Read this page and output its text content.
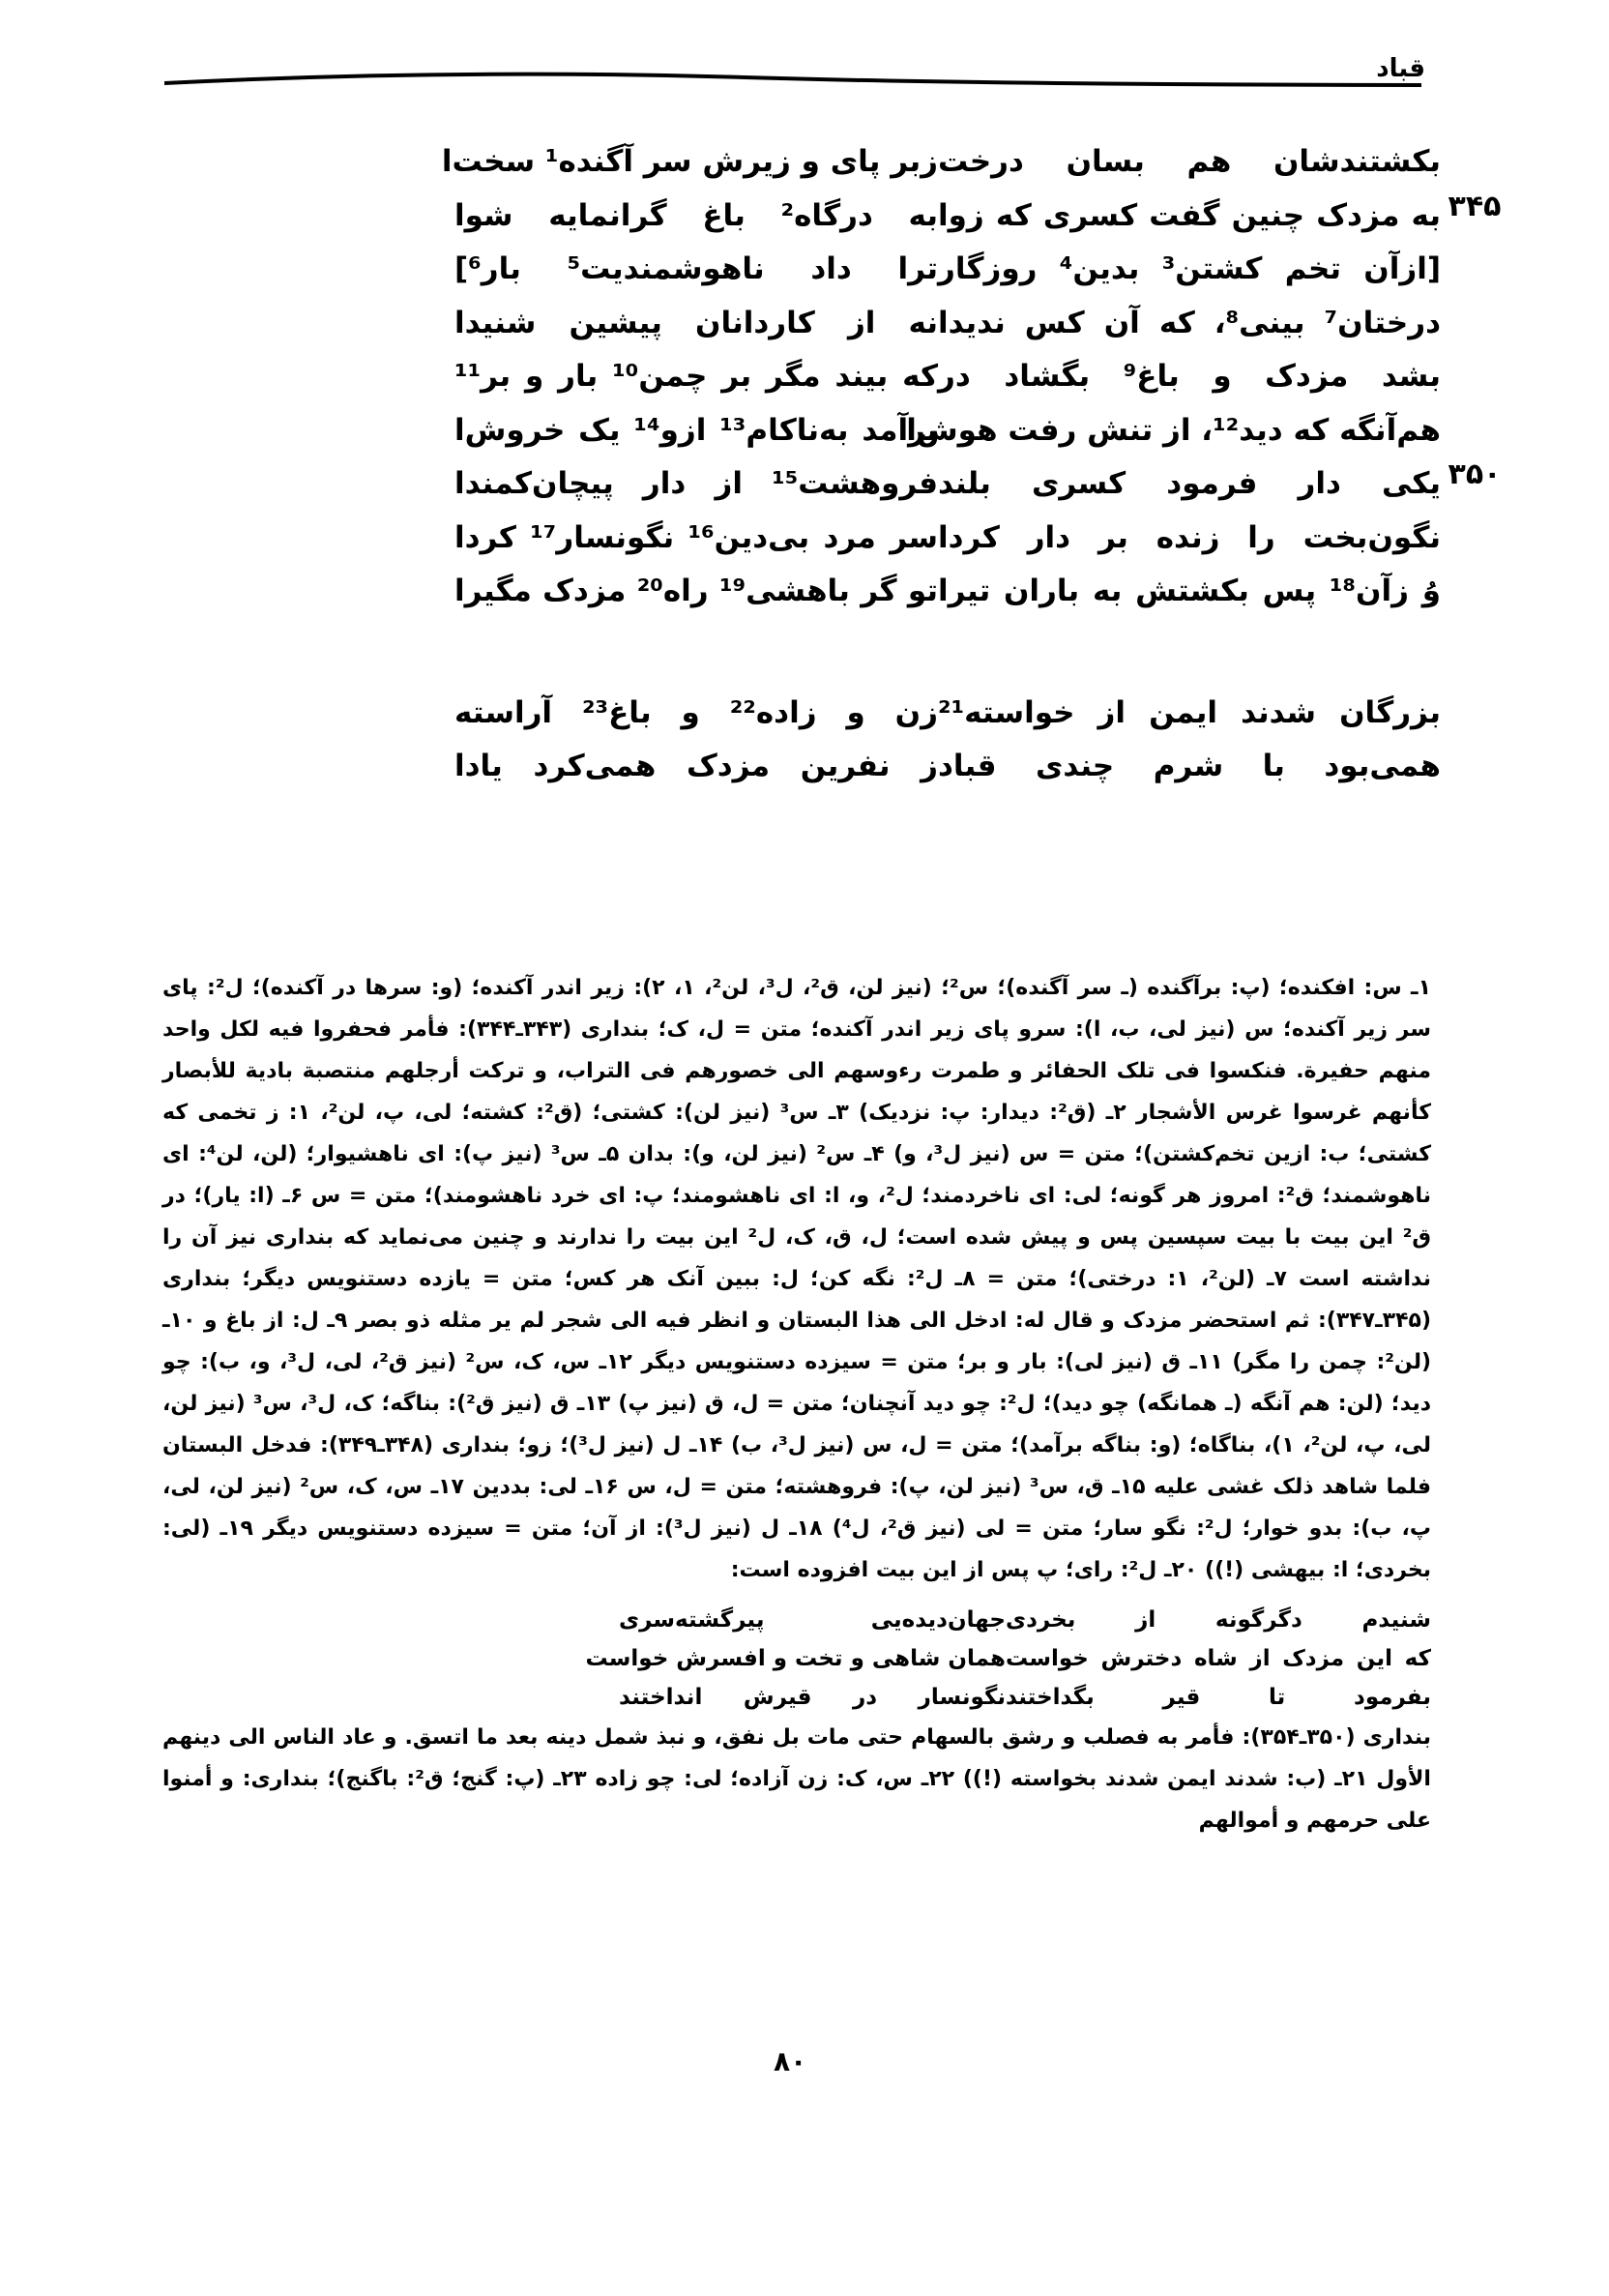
قباد
بکشتندشان هم بسان درخت
زبر پای و زیرش سر آگنده¹ سخت‌ا
۳۴۵
به مزدک چنین گفت کسری که زوا
به درگاه² باغ گرانمایه شوا
[ازآن تخم کشتن³ بدین⁴ روزگار
ترا داد ناهوشمندیت⁵ بار⁶]
درختان⁷ بینی⁸، که آن کس ندیدا
نه از کاردانان پیشین شنیدا
بشد مزدک و باغ⁹ بگشاد در
که بیند مگر بر چمن¹⁰ بار و بر¹¹
هم‌آنگه که دید¹²، از تنش رفت هوش‌ا
برآمد به‌ناکام¹³ ازو¹⁴ یک خروش‌ا
۳۵۰
یکی دار فرمود کسری بلند
فروهشت¹⁵ از دار پیچان‌کمند‌ا
نگون‌بخت را زنده بر دار کردا
سر مرد بی‌دین¹⁶ نگونسار¹⁷ کردا
وُ زآن¹⁸ پس بکشتش به باران تیرا
تو گر باهشی¹⁹ راه²⁰ مزدک مگیرا
بزرگان شدند ایمن از خواسته²¹
زن و زاده²² و باغ²³ آراسته
همی‌بود با شرم چندی قباد
ز نفرین مزدک همی‌کرد یادا

۱ـ س: افکنده؛ (پ: برآگنده (ـ سر آگنده)؛ س²؛ (نیز لن، ق²، ل³، لن²، ۱، ۲): زیر اندر آکنده؛ (و: سرها در آکنده)؛ ل²: پای سر زیر آکنده؛ س (نیز لی، ب، ا): سرو پای زیر اندر آکنده؛ متن = ل، ک؛ بنداری (۳۴۳ـ۳۴۴): فأمر فحفروا فیه لکل واحد منهم حفیرة. فنکسوا فی تلک الحفائر و طمرت رءوسهم الی خصورهم فی التراب، و ترکت أرجلهم منتصبة بادیة للأبصار کأنهم غرسوا غرس الأشجار ۲ـ (ق²: دیدار: پ: نزدیک) ۳ـ س³ (نیز لن): کشتی؛ (ق²: کشته؛ لی، پ، لن²، ۱: ز تخمی که کشتی؛ ب: ازین تخم‌کشتن)؛ متن = س (نیز ل³، و) ۴ـ س² (نیز لن، و): بدان ۵ـ س³ (نیز پ): ای ناهشیوار؛ (لن، لن⁴: ای ناهوشمند؛ ق²: امروز هر گونه؛ لی: ای ناخردمند؛ ل²، و، ا: ای ناهشومند؛ پ: ای خرد ناهشومند)؛ متن = س ۶ـ (ا: یار)؛ در ق² این بیت با بیت سپسین پس و پیش شده است؛ ل، ق، ک، ل² این بیت را ندارند و چنین می‌نماید که بنداری نیز آن را نداشته است ۷ـ (لن²، ۱: درختی)؛ متن = ۸ـ ل²: نگه کن؛ ل: ببین آنک هر کس؛ متن = یازده دستنویس دیگر؛ بنداری (۳۴۵ـ۳۴۷): ثم استحضر مزدک و قال له: ادخل الی هذا البستان و انظر فیه الی شجر لم یر مثله ذو بصر ۹ـ ل: از باغ و ۱۰ـ (لن²: چمن را مگر) ۱۱ـ ق (نیز لی): بار و بر؛ متن = سیزده دستنویس دیگر ۱۲ـ س، ک، س² (نیز ق²، لی، ل³، و، ب): چو دید؛ (لن: هم آنگه (ـ همانگه) چو دید)؛ ل²: چو دید آنچنان؛ متن = ل، ق (نیز پ) ۱۳ـ ق (نیز ق²): بناگه؛ ک، ل³، س³ (نیز لن، لی، پ، لن²، ۱)، بناگاه؛ (و: بناگه برآمد)؛ متن = ل، س (نیز ل³، ب) ۱۴ـ ل (نیز ل³)؛ زو؛ بنداری (۳۴۸ـ۳۴۹): فدخل البستان فلما شاهد ذلک غشی علیه ۱۵ـ ق، س³ (نیز لن، پ): فروهشته؛ متن = ل، س ۱۶ـ لی: بددین ۱۷ـ س، ک، س² (نیز لن، لی، پ، ب): بدو خوار؛ ل²: نگو سار؛ متن = لی (نیز ق²، ل⁴) ۱۸ـ ل (نیز ل³): از آن؛ متن = سیزده دستنویس دیگر ۱۹ـ (لی: بخردی؛ ا: بیهشی (!)) ۲۰ـ ل²: رای؛ پ پس از این بیت افزوده است:

شنیدم دگرگونه از بخردی
جهان‌دیده‌یی پیرگشته‌سری
که این مزدک از شاه دخترش خواست
همان شاهی و تخت و افسرش خواست
بفرمود تا قیر بگداختند
نگونسار در قیرش انداختند

بنداری (۳۵۰ـ۳۵۴): فأمر به فصلب و رشق بالسهام حتی مات بل نفق، و نبذ شمل دینه بعد ما اتسق. و عاد الناس الی دینهم الأول ۲۱ـ (ب: شدند ایمن شدند بخواسته (!)) ۲۲ـ س، ک: زن آزاده؛ لی: چو زاده ۲۳ـ (پ: گنج؛ ق²: باگنج)؛ بنداری: و أمنوا علی حرمهم و أموالهم

۸۰
